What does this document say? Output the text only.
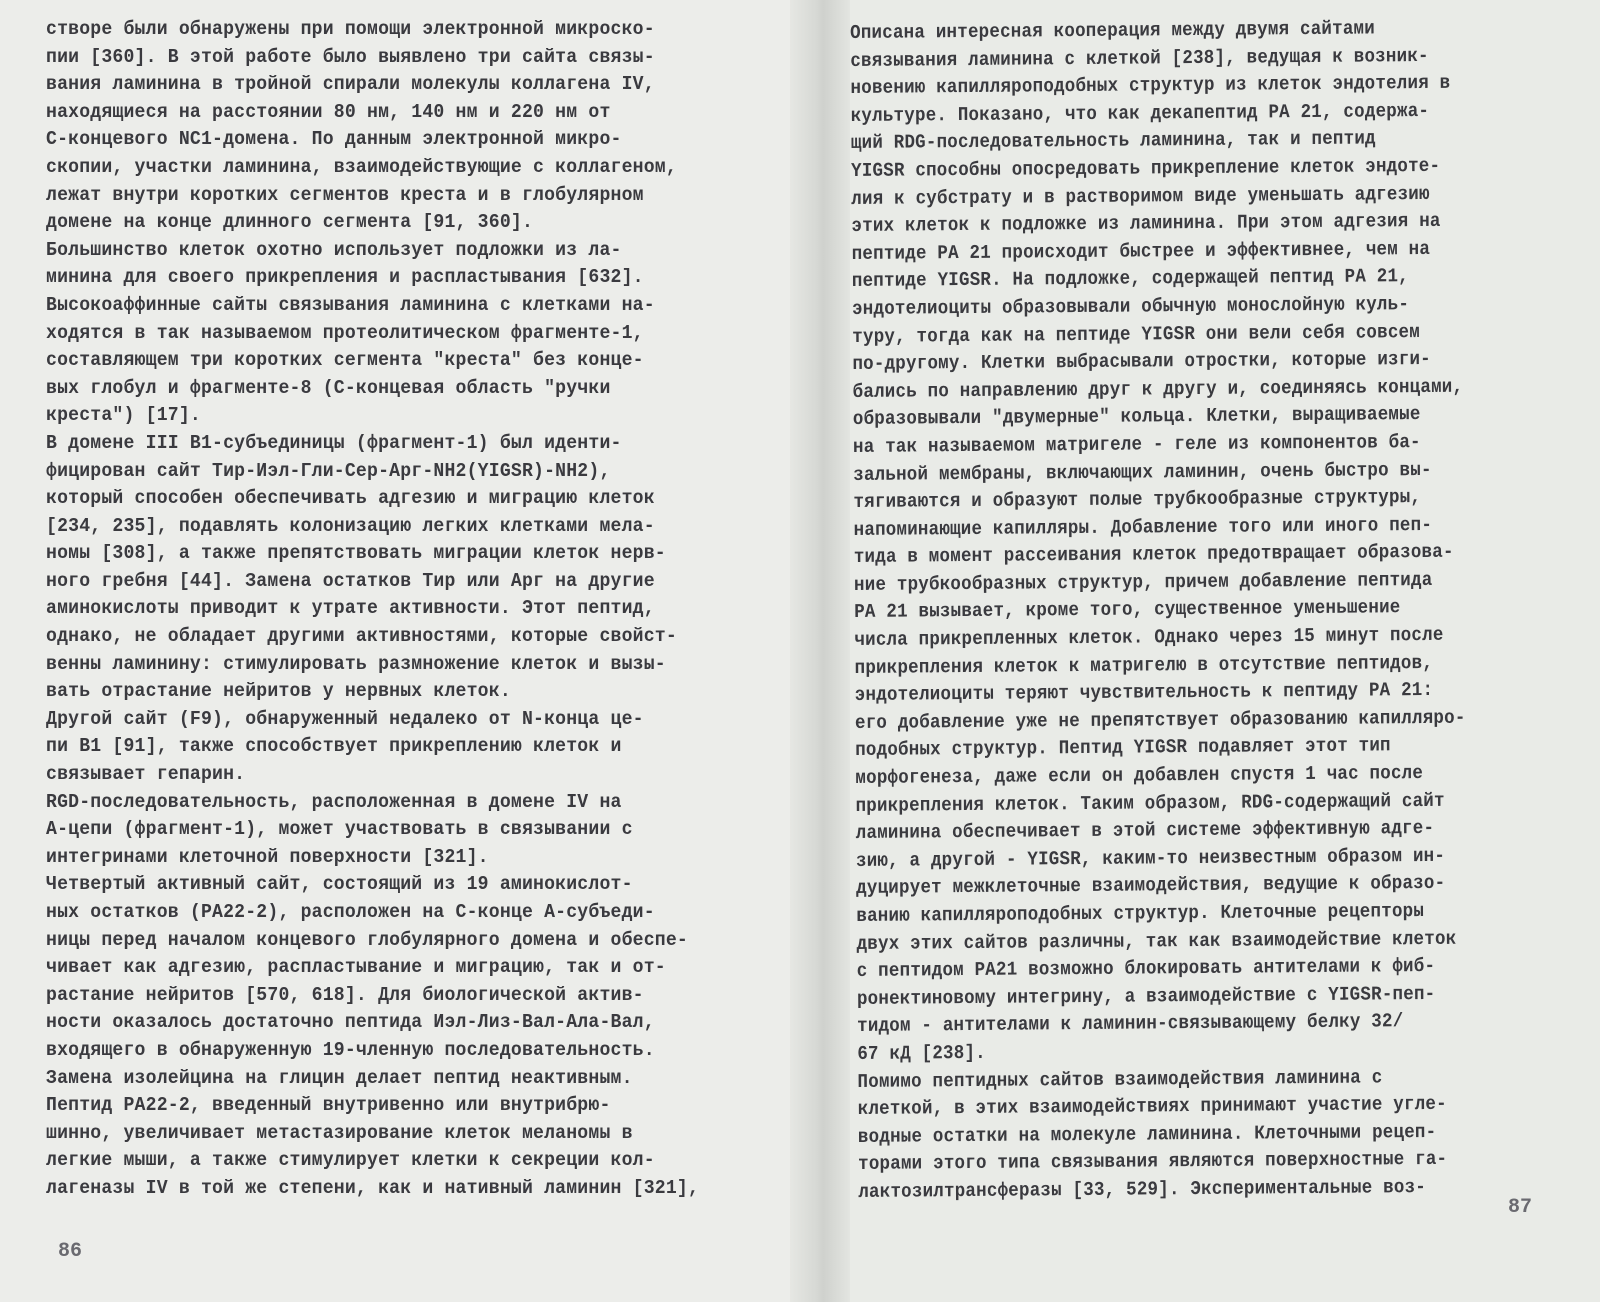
створе были обнаружены при помощи электронной микроско-
пии [360]. В этой работе было выявлено три сайта связы-
вания ламинина в тройной спирали молекулы коллагена IV,
находящиеся на расстоянии 80 нм, 140 нм и 220 нм от
С-концевого NC1-домена. По данным электронной микро-
скопии, участки ламинина, взаимодействующие с коллагеном,
лежат внутри коротких сегментов креста и в глобулярном
домене на конце длинного сегмента [91, 360].
Большинство клеток охотно использует подложки из ла-
минина для своего прикрепления и распластывания [632].
Высокоаффинные сайты связывания ламинина с клетками на-
ходятся в так называемом протеолитическом фрагменте-1,
составляющем три коротких сегмента "креста" без конце-
вых глобул и фрагменте-8 (С-концевая область "ручки
креста") [17].
В домене III В1-субъединицы (фрагмент-1) был иденти-
фицирован сайт Тир-Иэл-Гли-Сер-Арг-NH2(YIGSR)-NH2),
который способен обеспечивать адгезию и миграцию клеток
[234, 235], подавлять колонизацию легких клетками мела-
номы [308], а также препятствовать миграции клеток нерв-
ного гребня [44]. Замена остатков Тир или Арг на другие
аминокислоты приводит к утрате активности. Этот пептид,
однако, не обладает другими активностями, которые свойст-
венны ламинину: стимулировать размножение клеток и вызы-
вать отрастание нейритов у нервных клеток.
Другой сайт (F9), обнаруженный недалеко от N-конца це-
пи В1 [91], также способствует прикреплению клеток и
связывает гепарин.
RGD-последовательность, расположенная в домене IV на
А-цепи (фрагмент-1), может участвовать в связывании с
интегринами клеточной поверхности [321].
Четвертый активный сайт, состоящий из 19 аминокислот-
ных остатков (РА22-2), расположен на С-конце А-субъеди-
ницы перед началом концевого глобулярного домена и обеспе-
чивает как адгезию, распластывание и миграцию, так и от-
растание нейритов [570, 618]. Для биологической актив-
ности оказалось достаточно пептида Иэл-Лиз-Вал-Ала-Вал,
входящего в обнаруженную 19-членную последовательность.
Замена изолейцина на глицин делает пептид неактивным.
Пептид РА22-2, введенный внутривенно или внутрибрю-
шинно, увеличивает метастазирование клеток меланомы в
легкие мыши, а также стимулирует клетки к секреции кол-
лагеназы IV в той же степени, как и нативный ламинин [321],
86
Описана интересная кооперация между двумя сайтами
связывания ламинина с клеткой [238], ведущая к возник-
новению капилляроподобных структур из клеток эндотелия в
культуре. Показано, что как декапептид РА 21, содержа-
щий RDG-последовательность ламинина, так и пептид
YIGSR способны опосредовать прикрепление клеток эндоте-
лия к субстрату и в растворимом виде уменьшать адгезию
этих клеток к подложке из ламинина. При этом адгезия на
пептиде РА 21 происходит быстрее и эффективнее, чем на
пептиде YIGSR. На подложке, содержащей пептид РА 21,
эндотелиоциты образовывали обычную монослойную куль-
туру, тогда как на пептиде YIGSR они вели себя совсем
по-другому. Клетки выбрасывали отростки, которые изги-
бались по направлению друг к другу и, соединяясь концами,
образовывали "двумерные" кольца. Клетки, выращиваемые
на так называемом матригеле - геле из компонентов ба-
зальной мембраны, включающих ламинин, очень быстро вы-
тягиваются и образуют полые трубкообразные структуры,
напоминающие капилляры. Добавление того или иного пеп-
тида в момент рассеивания клеток предотвращает образова-
ние трубкообразных структур, причем добавление пептида
РА 21 вызывает, кроме того, существенное уменьшение
числа прикрепленных клеток. Однако через 15 минут после
прикрепления клеток к матригелю в отсутствие пептидов,
эндотелиоциты теряют чувствительность к пептиду РА 21:
его добавление уже не препятствует образованию капилляро-
подобных структур. Пептид YIGSR подавляет этот тип
морфогенеза, даже если он добавлен спустя 1 час после
прикрепления клеток. Таким образом, RDG-содержащий сайт
ламинина обеспечивает в этой системе эффективную адге-
зию, а другой - YIGSR, каким-то неизвестным образом ин-
дуцирует межклеточные взаимодействия, ведущие к образо-
ванию капилляроподобных структур. Клеточные рецепторы
двух этих сайтов различны, так как взаимодействие клеток
с пептидом РА21 возможно блокировать антителами к фиб-
ронектиновому интегрину, а взаимодействие с YIGSR-пеп-
тидом - антителами к ламинин-связывающему белку 32/
67 кД [238].
Помимо пептидных сайтов взаимодействия ламинина с
клеткой, в этих взаимодействиях принимают участие угле-
водные остатки на молекуле ламинина. Клеточными рецеп-
торами этого типа связывания являются поверхностные га-
лактозилтрансферазы [33, 529]. Экспериментальные воз-
87
